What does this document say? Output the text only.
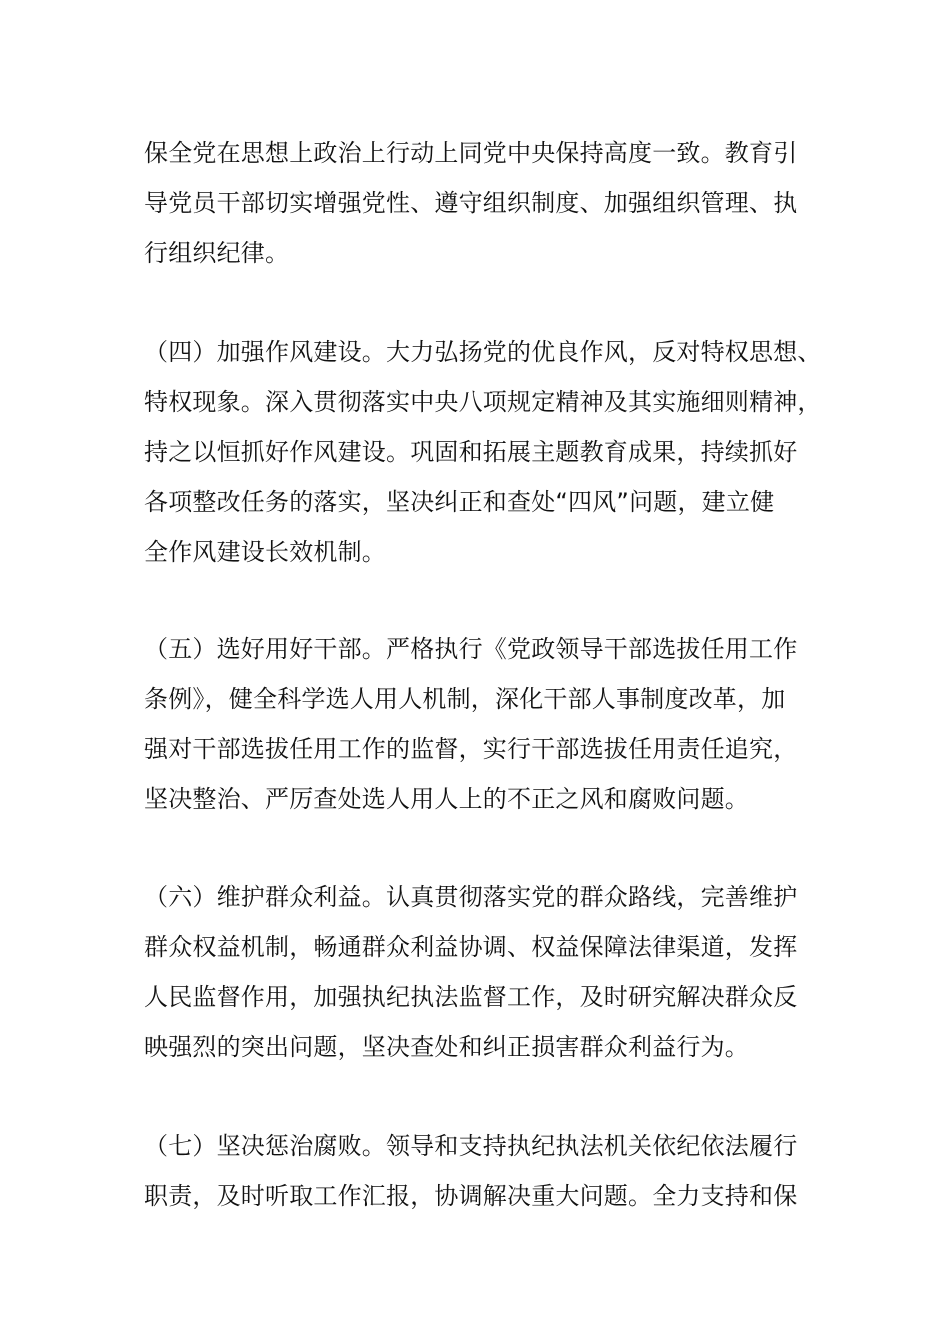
保全党在思想上政治上行动上同党中央保持高度一致。教育引
导党员干部切实增强党性、遵守组织制度、加强组织管理、执
行组织纪律。
（四）加强作风建设。大力弘扬党的优良作风，反对特权思想、
特权现象。深入贯彻落实中央八项规定精神及其实施细则精神，
持之以恒抓好作风建设。巩固和拓展主题教育成果，持续抓好
各项整改任务的落实，坚决纠正和查处“四风”问题，建立健
全作风建设长效机制。
（五）选好用好干部。严格执行《党政领导干部选拔任用工作
条例》，健全科学选人用人机制，深化干部人事制度改革，加
强对干部选拔任用工作的监督，实行干部选拔任用责任追究，
坚决整治、严厉查处选人用人上的不正之风和腐败问题。
（六）维护群众利益。认真贯彻落实党的群众路线，完善维护
群众权益机制，畅通群众利益协调、权益保障法律渠道，发挥
人民监督作用，加强执纪执法监督工作，及时研究解决群众反
映强烈的突出问题，坚决查处和纠正损害群众利益行为。
（七）坚决惩治腐败。领导和支持执纪执法机关依纪依法履行
职责，及时听取工作汇报，协调解决重大问题。全力支持和保
